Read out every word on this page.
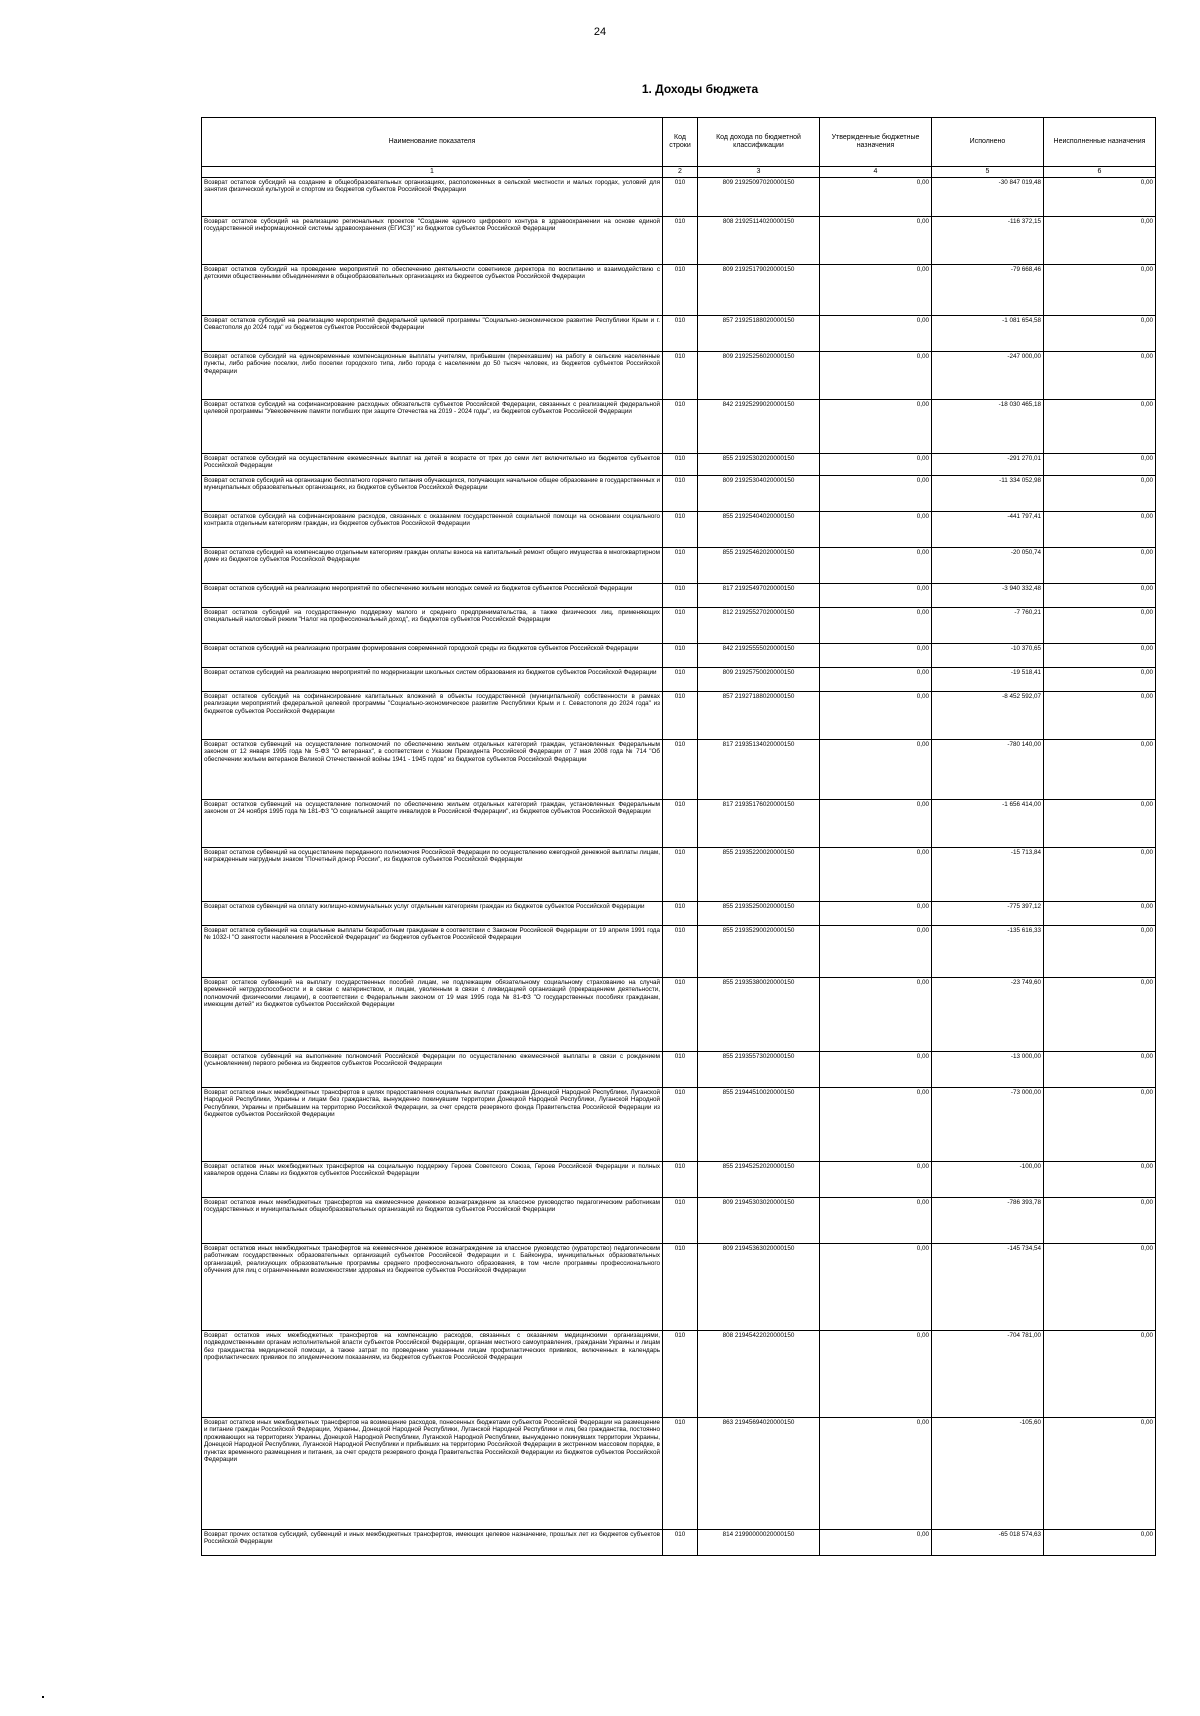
24
1. Доходы бюджета
Наименование показателя	Код строки	Код дохода по бюджетной классификации	Утвержденные бюджетные назначения	Исполнено	Неисполненные назначения
1	2	3	4	5	6
Возврат остатков субсидий на создание в общеобразовательных организациях, расположенных в сельской местности и малых городах, условий для занятия физической культурой и спортом из бюджетов субъектов Российской Федерации	010	809 21925097020000150	0,00	-30 847 019,48	0,00
Возврат остатков субсидий на реализацию региональных проектов "Создание единого цифрового контура в здравоохранении на основе единой государственной информационной системы здравоохранения (ЕГИСЗ)" из бюджетов субъектов Российской Федерации	010	808 21925114020000150	0,00	-116 372,15	0,00
Возврат остатков субсидий на проведение мероприятий по обеспечению деятельности советников директора по воспитанию и взаимодействию с детскими общественными объединениями в общеобразовательных организациях из бюджетов субъектов Российской Федерации	010	809 21925179020000150	0,00	-79 668,46	0,00
Возврат остатков субсидий на реализацию мероприятий федеральной целевой программы "Социально-экономическое развитие Республики Крым и г. Севастополя до 2024 года" из бюджетов субъектов Российской Федерации	010	857 21925188020000150	0,00	-1 081 654,58	0,00
Возврат остатков субсидий на единовременные компенсационные выплаты учителям, прибывшим (переехавшим) на работу в сельские населенные пункты, либо рабочие поселки, либо поселки городского типа, либо города с населением до 50 тысяч человек, из бюджетов субъектов Российской Федерации	010	809 21925256020000150	0,00	-247 000,00	0,00
Возврат остатков субсидий на софинансирование расходных обязательств субъектов Российской Федерации, связанных с реализацией федеральной целевой программы "Увековечение памяти погибших при защите Отечества на 2019 - 2024 годы", из бюджетов субъектов Российской Федерации	010	842 21925299020000150	0,00	-18 030 465,18	0,00
Возврат остатков субсидий на осуществление ежемесячных выплат на детей в возрасте от трех до семи лет включительно из бюджетов субъектов Российской Федерации	010	855 21925302020000150	0,00	-291 270,01	0,00
Возврат остатков субсидий на организацию бесплатного горячего питания обучающихся, получающих начальное общее образование в государственных и муниципальных образовательных организациях, из бюджетов субъектов Российской Федерации	010	809 21925304020000150	0,00	-11 334 052,98	0,00
Возврат остатков субсидий на софинансирование расходов, связанных с оказанием государственной социальной помощи на основании социального контракта отдельным категориям граждан, из бюджетов субъектов Российской Федерации	010	855 21925404020000150	0,00	-441 797,41	0,00
Возврат остатков субсидий на компенсацию отдельным категориям граждан оплаты взноса на капитальный ремонт общего имущества в многоквартирном доме из бюджетов субъектов Российской Федерации	010	855 21925462020000150	0,00	-20 050,74	0,00
Возврат остатков субсидий на реализацию мероприятий по обеспечению жильем молодых семей из бюджетов субъектов Российской Федерации	010	817 21925497020000150	0,00	-3 940 332,48	0,00
Возврат остатков субсидий на государственную поддержку малого и среднего предпринимательства, а также физических лиц, применяющих специальный налоговый режим "Налог на профессиональный доход", из бюджетов субъектов Российской Федерации	010	812 21925527020000150	0,00	-7 760,21	0,00
Возврат остатков субсидий на реализацию программ формирования современной городской среды из бюджетов субъектов Российской Федерации	010	842 21925555020000150	0,00	-10 370,65	0,00
Возврат остатков субсидий на реализацию мероприятий по модернизации школьных систем образования из бюджетов субъектов Российской Федерации	010	809 21925750020000150	0,00	-19 518,41	0,00
Возврат остатков субсидий на софинансирование капитальных вложений в объекты государственной (муниципальной) собственности в рамках реализации мероприятий федеральной целевой программы "Социально-экономическое развитие Республики Крым и г. Севастополя до 2024 года" из бюджетов субъектов Российской Федерации	010	857 21927188020000150	0,00	-8 452 592,07	0,00
Возврат остатков субвенций на осуществление полномочий по обеспечению жильем отдельных категорий граждан, установленных Федеральным законом от 12 января 1995 года № 5-ФЗ "О ветеранах", в соответствии с Указом Президента Российской Федерации от 7 мая 2008 года № 714 "Об обеспечении жильем ветеранов Великой Отечественной войны 1941 - 1945 годов" из бюджетов субъектов Российской Федерации	010	817 21935134020000150	0,00	-780 140,00	0,00
Возврат остатков субвенций на осуществление полномочий по обеспечению жильем отдельных категорий граждан, установленных Федеральным законом от 24 ноября 1995 года № 181-ФЗ "О социальной защите инвалидов в Российской Федерации", из бюджетов субъектов Российской Федерации	010	817 21935176020000150	0,00	-1 656 414,00	0,00
Возврат остатков субвенций на осуществление переданного полномочия Российской Федерации по осуществлению ежегодной денежной выплаты лицам, награжденным нагрудным знаком "Почетный донор России", из бюджетов субъектов Российской Федерации	010	855 21935220020000150	0,00	-15 713,84	0,00
Возврат остатков субвенций на оплату жилищно-коммунальных услуг отдельным категориям граждан из бюджетов субъектов Российской Федерации	010	855 21935250020000150	0,00	-775 397,12	0,00
Возврат остатков субвенций на социальные выплаты безработным гражданам в соответствии с Законом Российской Федерации от 19 апреля 1991 года № 1032-I "О занятости населения в Российской Федерации" из бюджетов субъектов Российской Федерации	010	855 21935290020000150	0,00	-135 616,33	0,00
Возврат остатков субвенций на выплату государственных пособий лицам, не подлежащим обязательному социальному страхованию на случай временной нетрудоспособности и в связи с материнством, и лицам, уволенным в связи с ликвидацией организаций (прекращением деятельности, полномочий физическими лицами), в соответствии с Федеральным законом от 19 мая 1995 года № 81-ФЗ "О государственных пособиях гражданам, имеющим детей" из бюджетов субъектов Российской Федерации	010	855 21935380020000150	0,00	-23 749,60	0,00
Возврат остатков субвенций на выполнение полномочий Российской Федерации по осуществлению ежемесячной выплаты в связи с рождением (усыновлением) первого ребенка из бюджетов субъектов Российской Федерации	010	855 21935573020000150	0,00	-13 000,00	0,00
Возврат остатков иных межбюджетных трансфертов в целях предоставления социальных выплат гражданам Донецкой Народной Республики, Луганской Народной Республики, Украины и лицам без гражданства, вынужденно покинувшим территории Донецкой Народной Республики, Луганской Народной Республики, Украины и прибывшим на территорию Российской Федерации, за счет средств резервного фонда Правительства Российской Федерации из бюджетов субъектов Российской Федерации	010	855 21944510020000150	0,00	-73 000,00	0,00
Возврат остатков иных межбюджетных трансфертов на социальную поддержку Героев Советского Союза, Героев Российской Федерации и полных кавалеров ордена Славы из бюджетов субъектов Российской Федерации	010	855 21945252020000150	0,00	-100,00	0,00
Возврат остатков иных межбюджетных трансфертов на ежемесячное денежное вознаграждение за классное руководство педагогическим работникам государственных и муниципальных общеобразовательных организаций из бюджетов субъектов Российской Федерации	010	809 21945303020000150	0,00	-786 393,78	0,00
Возврат остатков иных межбюджетных трансфертов на ежемесячное денежное вознаграждение за классное руководство (кураторство) педагогическим работникам государственных образовательных организаций субъектов Российской Федерации и г. Байконура, муниципальных образовательных организаций, реализующих образовательные программы среднего профессионального образования, в том числе программы профессионального обучения для лиц с ограниченными возможностями здоровья из бюджетов субъектов Российской Федерации	010	809 21945363020000150	0,00	-145 734,54	0,00
Возврат остатков иных межбюджетных трансфертов на компенсацию расходов, связанных с оказанием медицинскими организациями, подведомственными органам исполнительной власти субъектов Российской Федерации, органам местного самоуправления, гражданам Украины и лицам без гражданства медицинской помощи, а также затрат по проведению указанным лицам профилактических прививок, включенных в календарь профилактических прививок по эпидемическим показаниям, из бюджетов субъектов Российской Федерации	010	808 21945422020000150	0,00	-704 781,00	0,00
Возврат остатков иных межбюджетных трансфертов на возмещение расходов, понесенных бюджетами субъектов Российской Федерации на размещение и питание граждан Российской Федерации, Украины, Донецкой Народной Республики, Луганской Народной Республики и лиц без гражданства, постоянно проживающих на территориях Украины, Донецкой Народной Республики, Луганской Народной Республики, вынужденно покинувших территории Украины, Донецкой Народной Республики, Луганской Народной Республики и прибывших на территорию Российской Федерации в экстренном массовом порядке, в пунктах временного размещения и питания, за счет средств резервного фонда Правительства Российской Федерации из бюджетов субъектов Российской Федерации	010	863 21945694020000150	0,00	-105,60	0,00
Возврат прочих остатков субсидий, субвенций и иных межбюджетных трансфертов, имеющих целевое назначение, прошлых лет из бюджетов субъектов Российской Федерации	010	814 21990000020000150	0,00	-65 018 574,63	0,00
